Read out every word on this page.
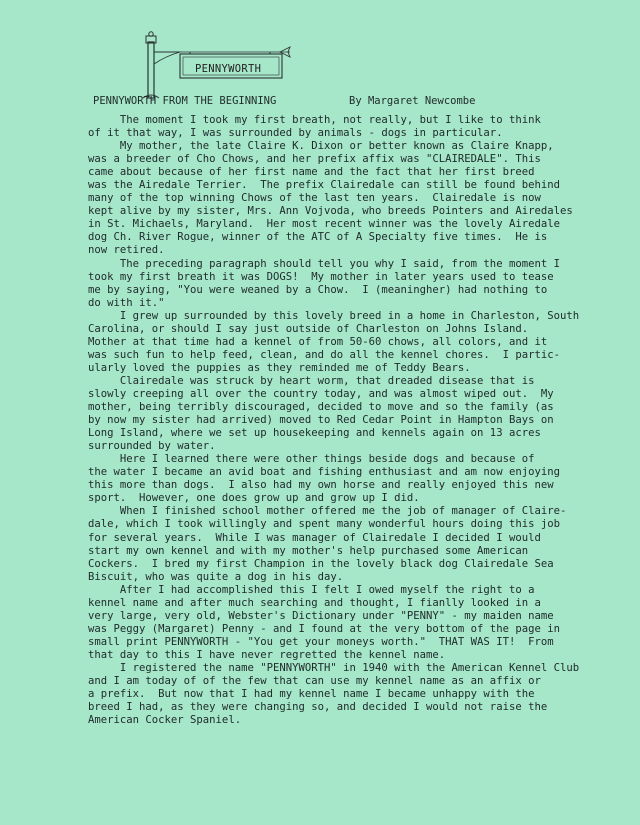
PENNYWORTH
PENNYWORTH FROM THE BEGINNING	By Margaret Newcombe
The moment I took my first breath, not really, but I like to think
of it that way, I was surrounded by animals - dogs in particular.
My mother, the late Claire K. Dixon or better known as Claire Knapp,
was a breeder of Cho Chows, and her prefix affix was "CLAIREDALE". This
came about because of her first name and the fact that her first breed
was the Airedale Terrier.  The prefix Clairedale can still be found behind
many of the top winning Chows of the last ten years.  Clairedale is now
kept alive by my sister, Mrs. Ann Vojvoda, who breeds Pointers and Airedales
in St. Michaels, Maryland.  Her most recent winner was the lovely Airedale
dog Ch. River Rogue, winner of the ATC of A Specialty five times.  He is
now retired.
The preceding paragraph should tell you why I said, from the moment I
took my first breath it was DOGS!  My mother in later years used to tease
me by saying, "You were weaned by a Chow.  I (meaningher) had nothing to
do with it."
I grew up surrounded by this lovely breed in a home in Charleston, South
Carolina, or should I say just outside of Charleston on Johns Island.
Mother at that time had a kennel of from 50-60 chows, all colors, and it
was such fun to help feed, clean, and do all the kennel chores.  I partic-
ularly loved the puppies as they reminded me of Teddy Bears.
Clairedale was struck by heart worm, that dreaded disease that is
slowly creeping all over the country today, and was almost wiped out.  My
mother, being terribly discouraged, decided to move and so the family (as
by now my sister had arrived) moved to Red Cedar Point in Hampton Bays on
Long Island, where we set up housekeeping and kennels again on 13 acres
surrounded by water.
Here I learned there were other things beside dogs and because of
the water I became an avid boat and fishing enthusiast and am now enjoying
this more than dogs.  I also had my own horse and really enjoyed this new
sport.  However, one does grow up and grow up I did.
When I finished school mother offered me the job of manager of Claire-
dale, which I took willingly and spent many wonderful hours doing this job
for several years.  While I was manager of Clairedale I decided I would
start my own kennel and with my mother's help purchased some American
Cockers.  I bred my first Champion in the lovely black dog Clairedale Sea
Biscuit, who was quite a dog in his day.
After I had accomplished this I felt I owed myself the right to a
kennel name and after much searching and thought, I fianlly looked in a
very large, very old, Webster's Dictionary under "PENNY" - my maiden name
was Peggy (Margaret) Penny - and I found at the very bottom of the page in
small print PENNYWORTH - "You get your moneys worth."  THAT WAS IT!  From
that day to this I have never regretted the kennel name.
I registered the name "PENNYWORTH" in 1940 with the American Kennel Club
and I am today of of the few that can use my kennel name as an affix or
a prefix.  But now that I had my kennel name I became unhappy with the
breed I had, as they were changing so, and decided I would not raise the
American Cocker Spaniel.
